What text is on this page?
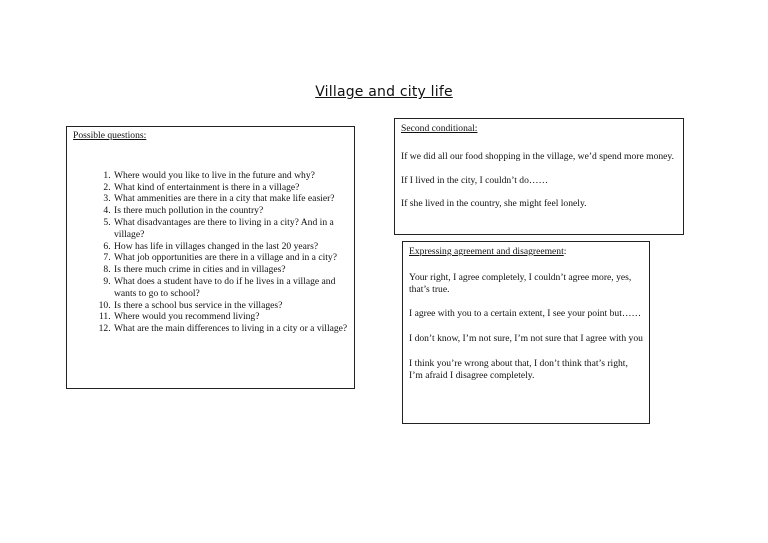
Village and city life
Possible questions:
1. Where would you like to live in the future and why?
2. What kind of entertainment is there in a village?
3. What ammenities are there in a city that make life easier?
4. Is there much pollution in the country?
5. What disadvantages are there to living in a city? And in a village?
6. How has life in villages changed in the last 20 years?
7. What job opportunities are there in a village and in a city?
8. Is there much crime in cities and in villages?
9. What does a student have to do if he lives in a village and wants to go to school?
10. Is there a school bus service in the villages?
11. Where would you recommend living?
12. What are the main differences to living in a city or a village?
Second conditional:

If we did all our food shopping in the village, we’d spend more money.

If I lived in the city, I couldn’t do……

If she lived in the country, she might feel lonely.

Expressing agreement and disagreement:

Your right, I agree completely, I couldn’t agree more, yes, that’s true.

I agree with you to a certain extent, I see your point but……

I don’t know, I’m not sure, I’m not sure that I agree with you

I think you’re wrong about that, I don’t think that’s right, I’m afraid I disagree completely.
